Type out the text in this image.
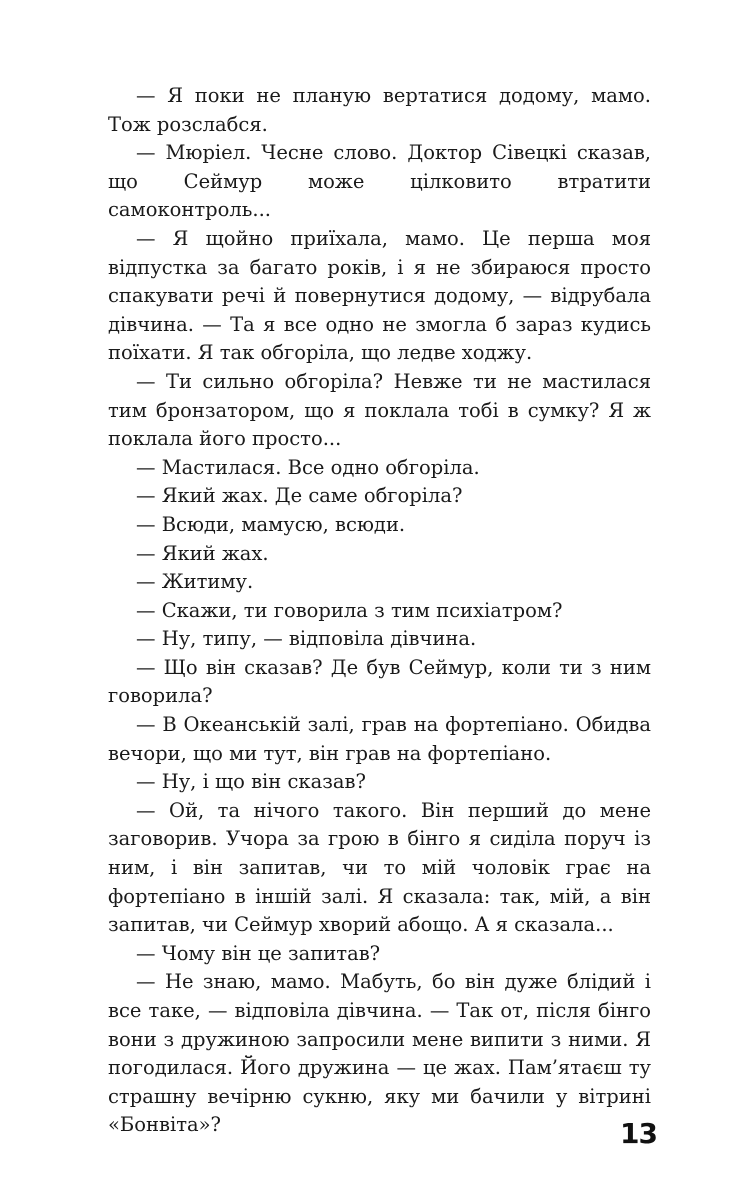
— Я поки не планую вертатися додому, мамо. Тож розслабся.

— Мюріел. Чесне слово. Доктор Сівецкі сказав, що Сеймур може цілковито втратити самоконтроль...

— Я щойно приїхала, мамо. Це перша моя відпустка за багато років, і я не збираюся просто спакувати речі й повернутися додому, — відрубала дівчина. — Та я все одно не змогла б зараз кудись поїхати. Я так обгоріла, що ледве ходжу.

— Ти сильно обгоріла? Невже ти не мастилася тим бронзатором, що я поклала тобі в сумку? Я ж поклала його просто...

— Мастилася. Все одно обгоріла.

— Який жах. Де саме обгоріла?

— Всюди, мамусю, всюди.

— Який жах.

— Житиму.

— Скажи, ти говорила з тим психіатром?

— Ну, типу, — відповіла дівчина.

— Що він сказав? Де був Сеймур, коли ти з ним говорила?

— В Океанській залі, грав на фортепіано. Обидва вечори, що ми тут, він грав на фортепіано.

— Ну, і що він сказав?

— Ой, та нічого такого. Він перший до мене заговорив. Учора за грою в бінго я сиділа поруч із ним, і він запитав, чи то мій чоловік грає на фортепіано в іншій залі. Я сказала: так, мій, а він запитав, чи Сеймур хворий абощо. А я сказала...

— Чому він це запитав?

— Не знаю, мамо. Мабуть, бо він дуже блідий і все таке, — відповіла дівчина. — Так от, після бінго вони з дружиною запросили мене випити з ними. Я погодилася. Його дружина — це жах. Пам’ятаєш ту страшну вечірню сукню, яку ми бачили у вітрині «Бонвіта»?	13
